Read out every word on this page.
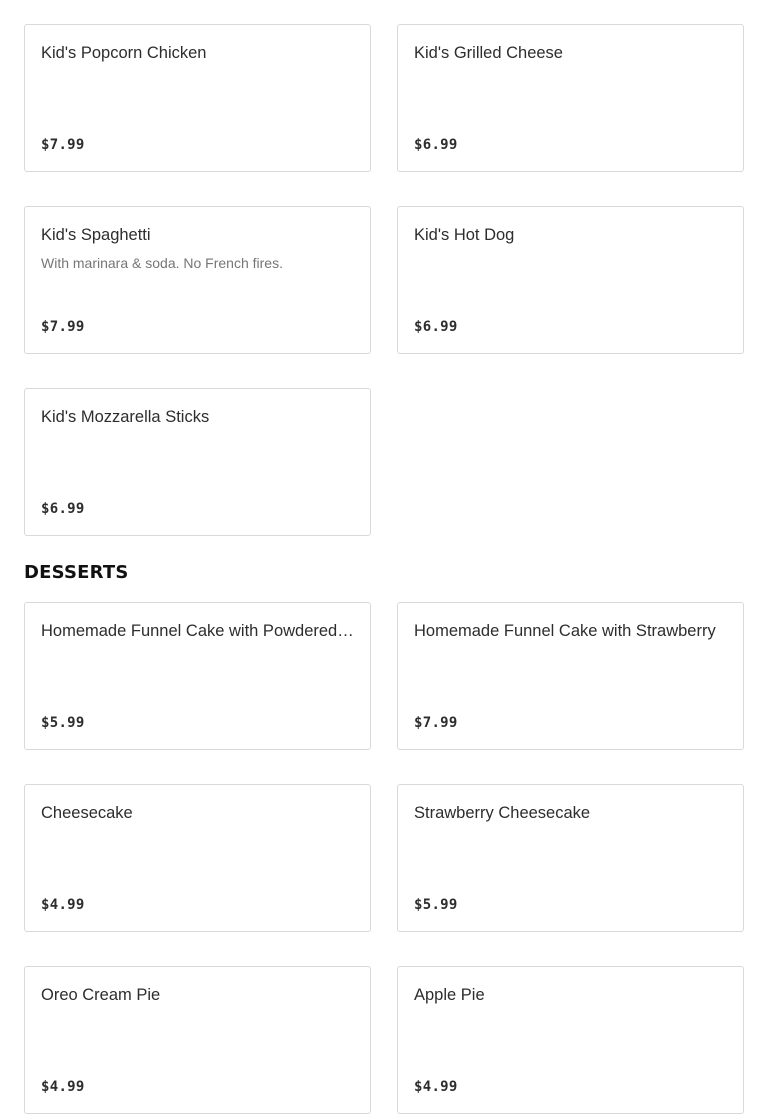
Kid's Popcorn Chicken
$7.99
Kid's Grilled Cheese
$6.99
Kid's Spaghetti
With marinara & soda. No French fires.
$7.99
Kid's Hot Dog
$6.99
Kid's Mozzarella Sticks
$6.99
DESSERTS
Homemade Funnel Cake with Powdered…
$5.99
Homemade Funnel Cake with Strawberry
$7.99
Cheesecake
$4.99
Strawberry Cheesecake
$5.99
Oreo Cream Pie
$4.99
Apple Pie
$4.99
